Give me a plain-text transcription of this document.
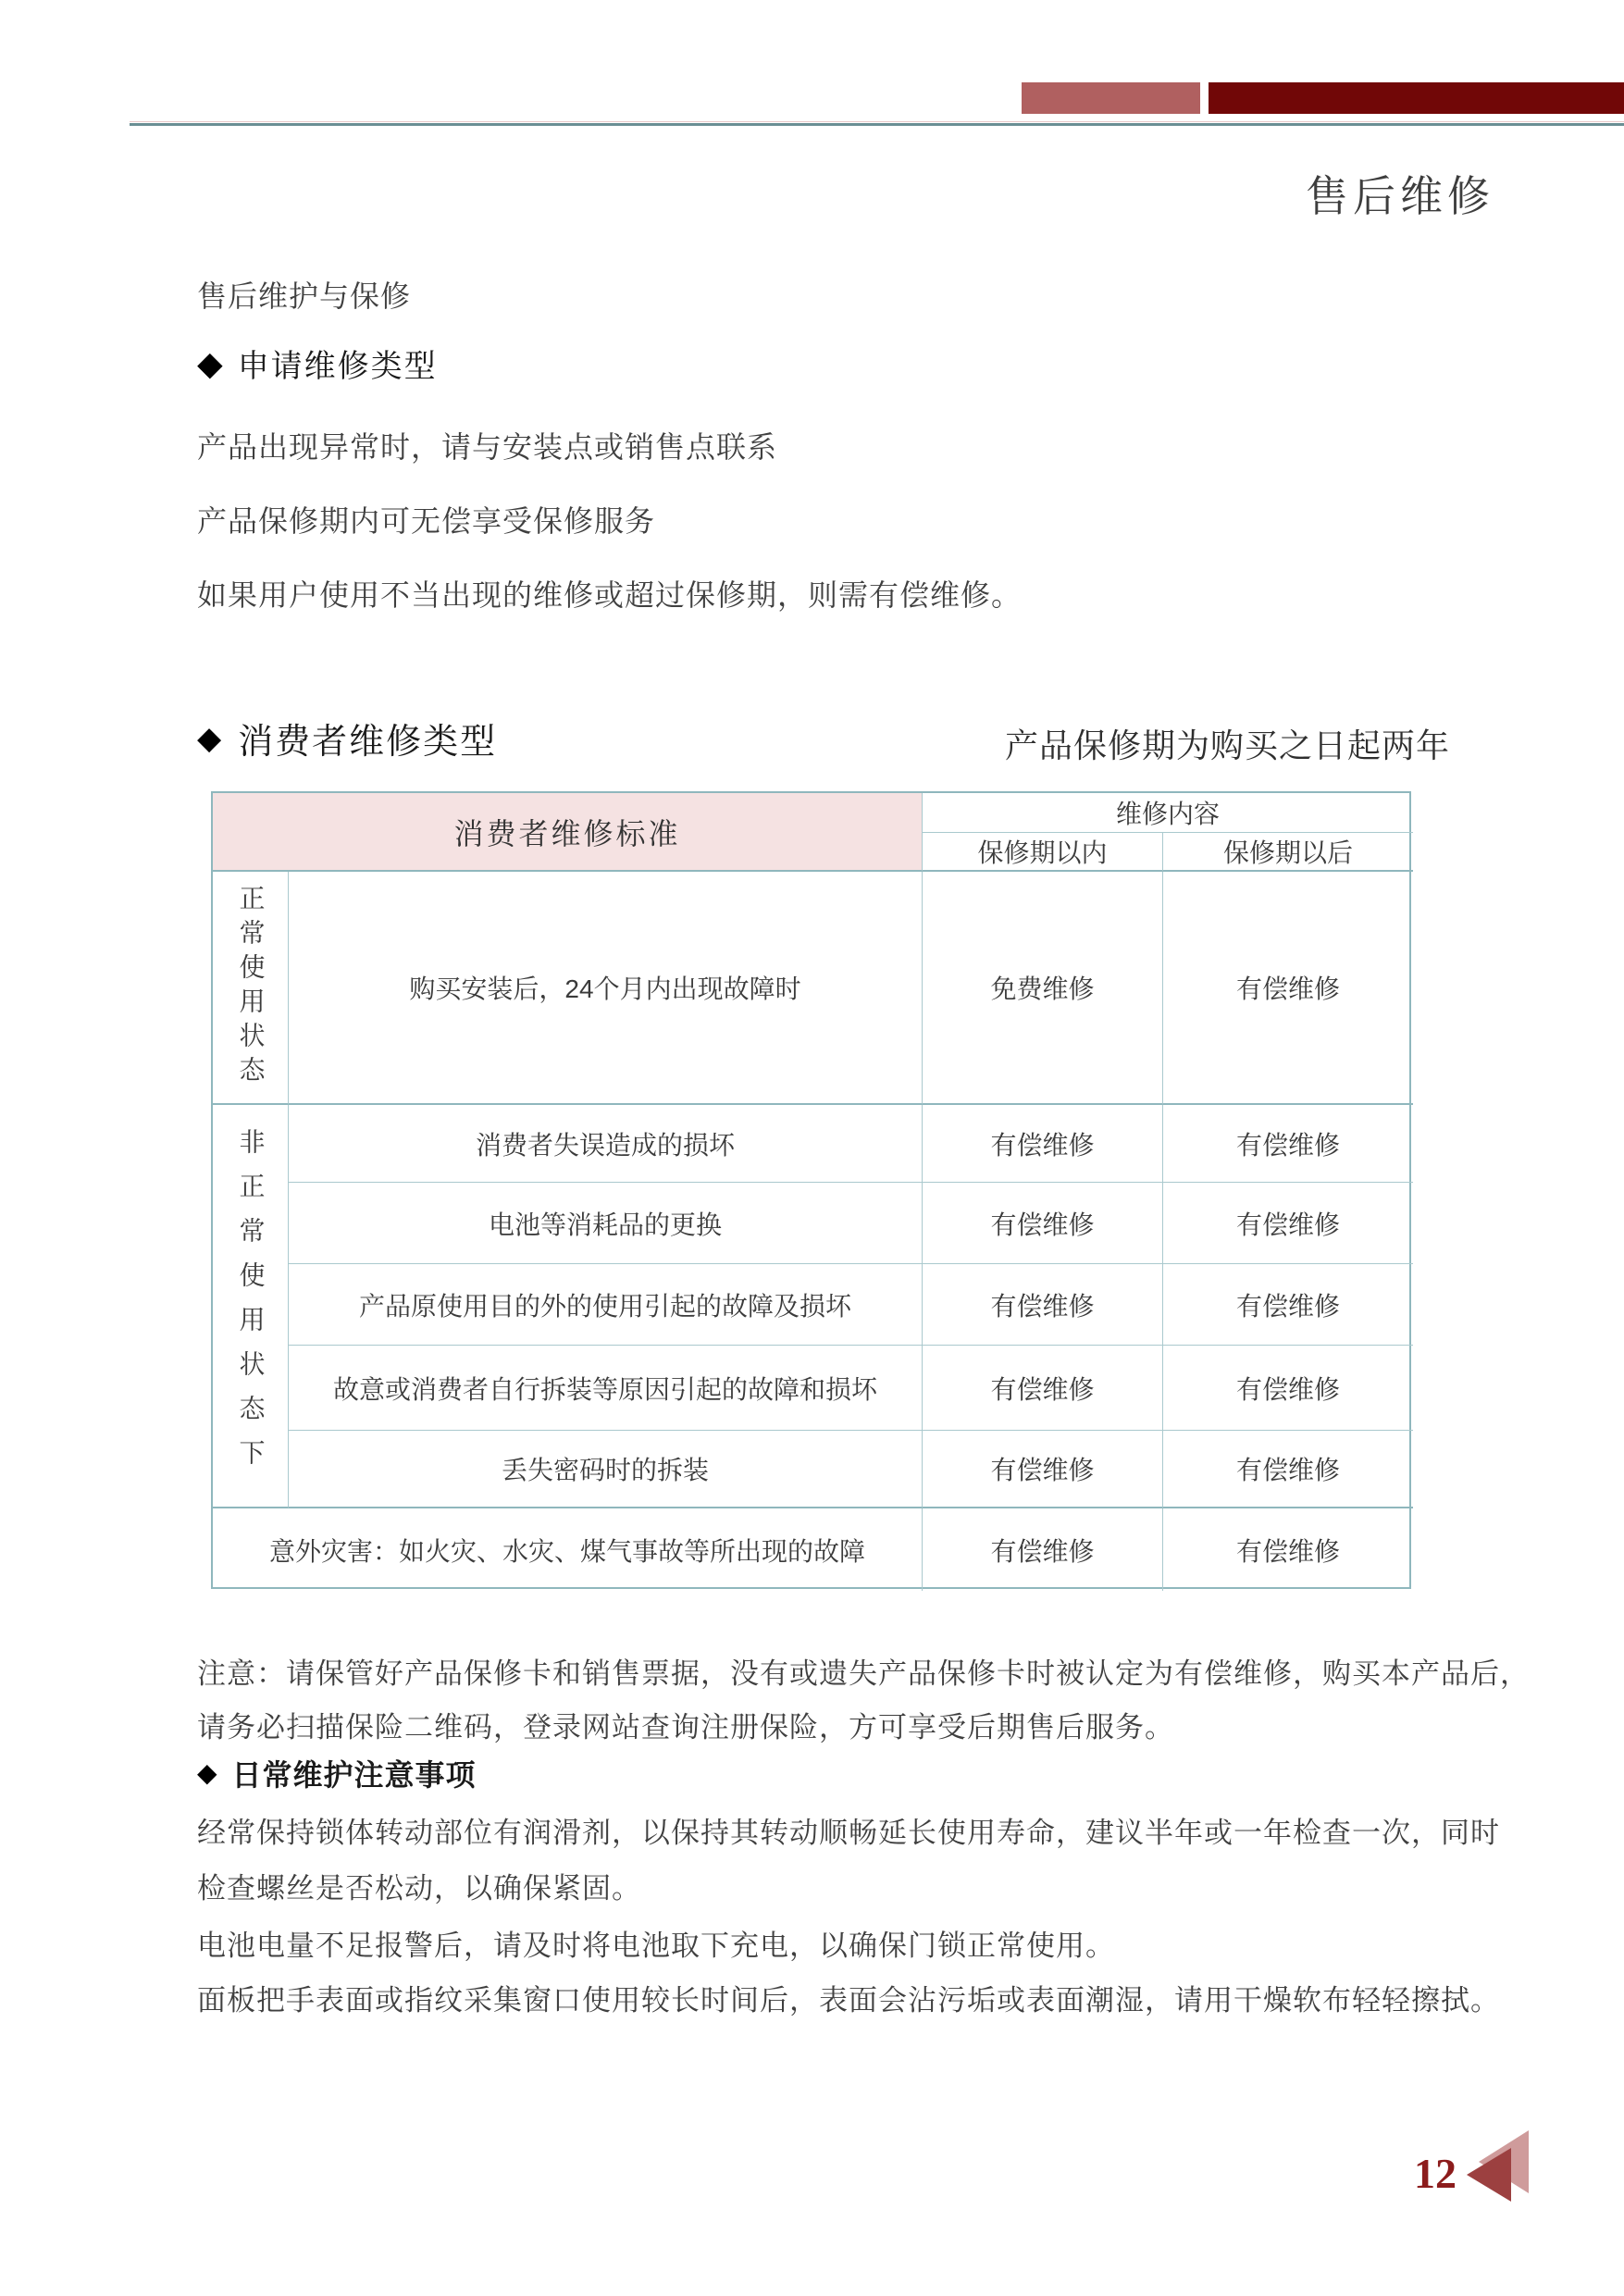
售后维修
售后维护与保修
◆ 申请维修类型
产品出现异常时，请与安装点或销售点联系
产品保修期内可无偿享受保修服务
如果用户使用不当出现的维修或超过保修期，则需有偿维修。
◆ 消费者维修类型	产品保修期为购买之日起两年
消费者维修标准
维修内容
保修期以内	保修期以后
正常使用状态	购买安装后，24个月内出现故障时	免费维修	有偿维修
非正常使用状态下	消费者失误造成的损坏	有偿维修	有偿维修
电池等消耗品的更换	有偿维修	有偿维修
产品原使用目的外的使用引起的故障及损坏	有偿维修	有偿维修
故意或消费者自行拆装等原因引起的故障和损坏	有偿维修	有偿维修
丢失密码时的拆装	有偿维修	有偿维修
意外灾害：如火灾、水灾、煤气事故等所出现的故障	有偿维修	有偿维修
注意：请保管好产品保修卡和销售票据，没有或遗失产品保修卡时被认定为有偿维修，购买本产品后，
请务必扫描保险二维码，登录网站查询注册保险，方可享受后期售后服务。
◆ 日常维护注意事项
经常保持锁体转动部位有润滑剂，以保持其转动顺畅延长使用寿命，建议半年或一年检查一次，同时
检查螺丝是否松动，以确保紧固。
电池电量不足报警后，请及时将电池取下充电，以确保门锁正常使用。
面板把手表面或指纹采集窗口使用较长时间后，表面会沾污垢或表面潮湿，请用干燥软布轻轻擦拭。
12
